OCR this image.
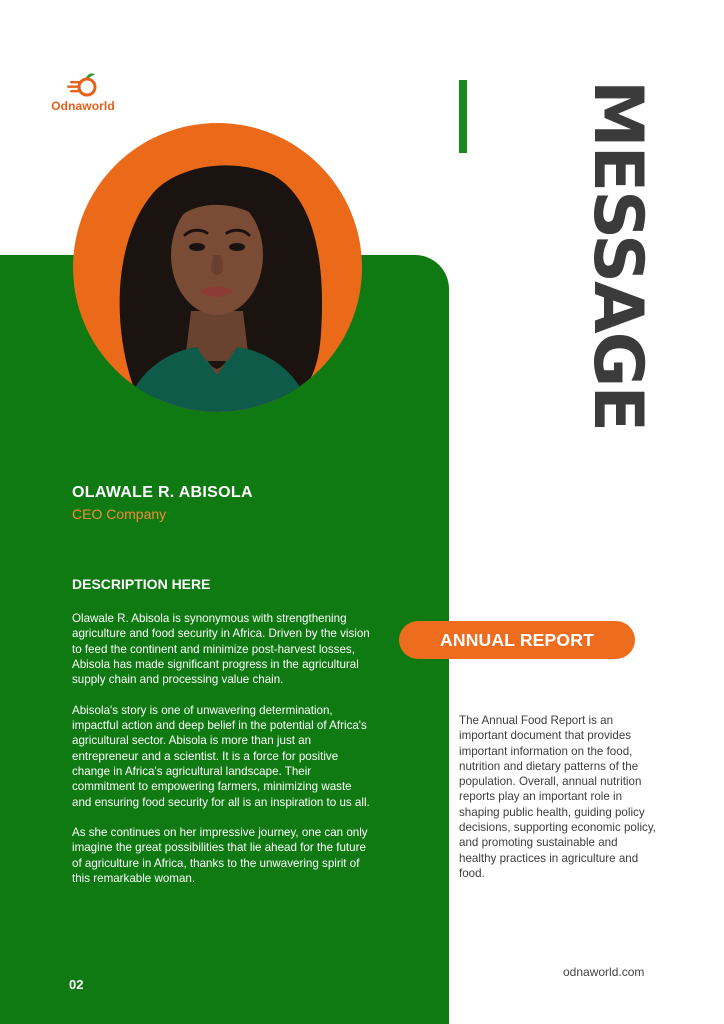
Odnaworld	MESSAGE
OLAWALE R. ABISOLA
CEO Company
DESCRIPTION HERE

Olawale R. Abisola is synonymous with strengthening agriculture and food security in Africa. Driven by the vision to feed the continent and minimize post-harvest losses, Abisola has made significant progress in the agricultural supply chain and processing value chain.

Abisola's story is one of unwavering determination, impactful action and deep belief in the potential of Africa's agricultural sector. Abisola is more than just an entrepreneur and a scientist. It is a force for positive change in Africa's agricultural landscape. Their commitment to empowering farmers, minimizing waste and ensuring food security for all is an inspiration to us all.

As she continues on her impressive journey, one can only imagine the great possibilities that lie ahead for the future of agriculture in Africa, thanks to the unwavering spirit of this remarkable woman.

02
ANNUAL REPORT

The Annual Food Report is an important document that provides important information on the food, nutrition and dietary patterns of the population. Overall, annual nutrition reports play an important role in shaping public health, guiding policy decisions, supporting economic policy, and promoting sustainable and healthy practices in agriculture and food.

odnaworld.com
